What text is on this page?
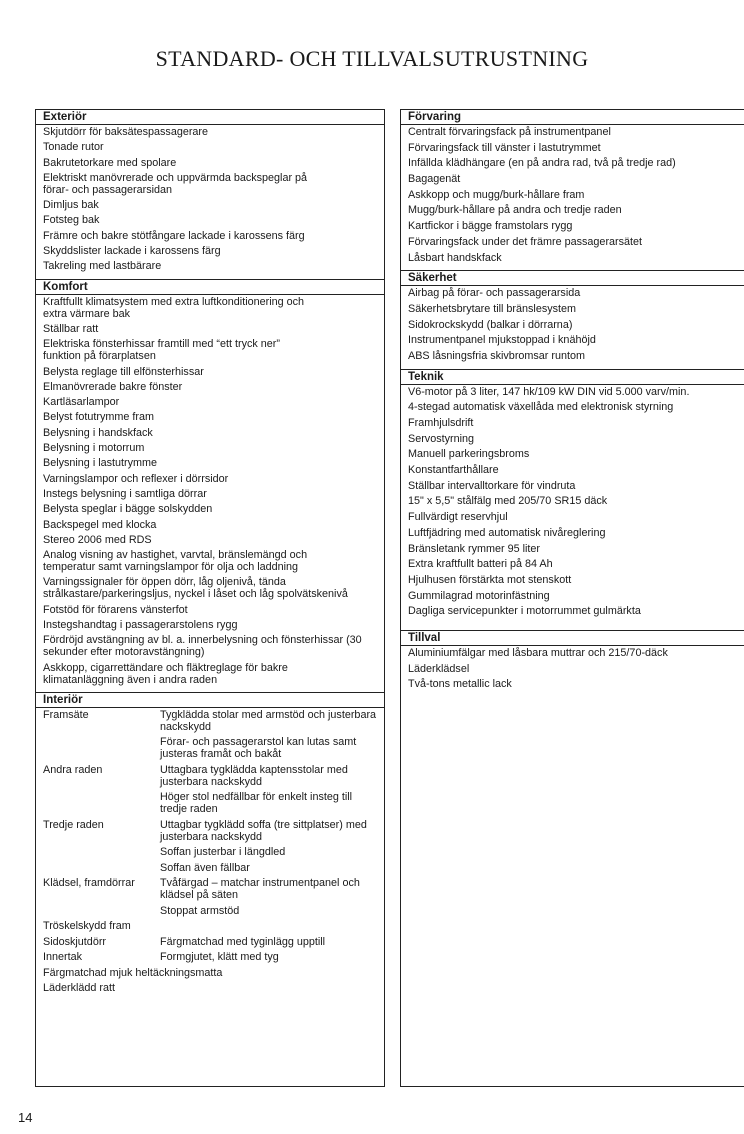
STANDARD- OCH TILLVALSUTRUSTNING
Exteriör
Skjutdörr för baksätespassagerare
Tonade rutor
Bakrutetorkare med spolare
Elektriskt manövrerade och uppvärmda backspeglar på förar- och passagerarsidan
Dimljus bak
Fotsteg bak
Främre och bakre stötfångare lackade i karossens färg
Skyddslister lackade i karossens färg
Takreling med lastbärare
Komfort
Kraftfullt klimatsystem med extra luftkonditionering och extra värmare bak
Ställbar ratt
Elektriska fönsterhissar framtill med “ett tryck ner” funktion på förarplatsen
Belysta reglage till elfönsterhissar
Elmanövrerade bakre fönster
Kartläsarlampor
Belyst fotutrymme fram
Belysning i handskfack
Belysning i motorrum
Belysning i lastutrymme
Varningslampor och reflexer i dörrsidor
Instegs belysning i samtliga dörrar
Belysta speglar i bägge solskydden
Backspegel med klocka
Stereo 2006 med RDS
Analog visning av hastighet, varvtal, bränslemängd och temperatur samt varningslampor för olja och laddning
Varningssignaler för öppen dörr, låg oljenivå, tända strålkastare/parkeringsljus, nyckel i låset och låg spolvätskenivå
Fotstöd för förarens vänsterfot
Instegshandtag i passagerarstolens rygg
Fördröjd avstängning av bl. a. innerbelysning och fönsterhissar (30 sekunder efter motoravstängning)
Askkopp, cigarrettändare och fläktreglage för bakre klimatanläggning även i andra raden
Interiör
Framsäte	Tygklädda stolar med armstöd och justerbara nackskydd
Förar- och passagerarstol kan lutas samt justeras framåt och bakåt
Andra raden	Uttagbara tygklädda kaptensstolar med justerbara nackskydd
Höger stol nedfällbar för enkelt insteg till tredje raden
Tredje raden	Uttagbar tygklädd soffa (tre sittplatser) med justerbara nackskydd
Soffan justerbar i längdled
Soffan även fällbar
Klädsel, framdörrar	Tvåfärgad – matchar instrumentpanel och klädsel på säten
Stoppat armstöd
Tröskelskydd fram
Sidoskjutdörr	Färgmatchad med tyginlägg upptill
Innertak	Formgjutet, klätt med tyg
Färgmatchad mjuk heltäckningsmatta
Läderklädd ratt
Förvaring
Centralt förvaringsfack på instrumentpanel
Förvaringsfack till vänster i lastutrymmet
Infällda klädhängare (en på andra rad, två på tredje rad)
Bagagenät
Askkopp och mugg/burk-hållare fram
Mugg/burk-hållare på andra och tredje raden
Kartfickor i bägge framstolars rygg
Förvaringsfack under det främre passagerarsätet
Låsbart handskfack
Säkerhet
Airbag på förar- och passagerarsida
Säkerhetsbrytare till bränslesystem
Sidokrockskydd (balkar i dörrarna)
Instrumentpanel mjukstoppad i knähöjd
ABS låsningsfria skivbromsar runtom
Teknik
V6-motor på 3 liter, 147 hk/109 kW DIN vid 5.000 varv/min.
4-stegad automatisk växellåda med elektronisk styrning
Framhjulsdrift
Servostyrning
Manuell parkeringsbroms
Konstantfarthållare
Ställbar intervalltorkare för vindruta
15" x 5,5" stålfälg med 205/70 SR15 däck
Fullvärdigt reservhjul
Luftfjädring med automatisk nivåreglering
Bränsletank rymmer 95 liter
Extra kraftfullt batteri på 84 Ah
Hjulhusen förstärkta mot stenskott
Gummilagrad motorinfästning
Dagliga servicepunkter i motorrummet gulmärkta
Tillval
Aluminiumfälgar med låsbara muttrar och 215/70-däck
Läderklädsel
Två-tons metallic lack
14
